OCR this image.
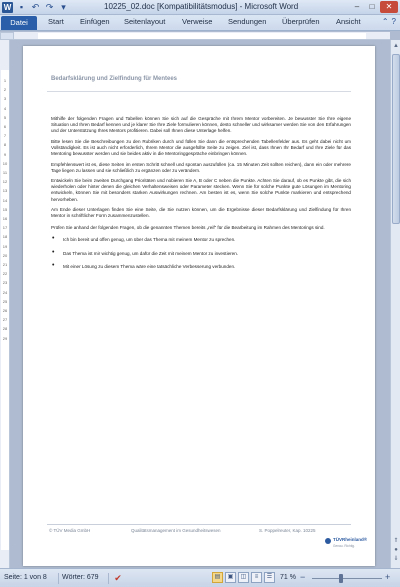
W ▪ ↶ ↷ ▾	10225_02.doc [Kompatibilitätsmodus] - Microsoft Word	–	□	✕
Datei	Start Einfügen Seitenlayout Verweise Sendungen Überprüfen Ansicht	⌃ ?
1
2
3
4
5
6
7
8
9
10
11
12
13
14
15
16
17
18
19
20
21
22
23
24
25
26
27
28
29
Bedarfsklärung und Zielfindung für Mentees

Mithilfe der folgenden Fragen und Tabellen können Sie sich auf die Gespräche mit Ihrem Mentor vorbereiten. Je bewusster Sie Ihre eigene Situation und Ihren Bedarf kennen und je klarer Sie Ihre Ziele formulieren können, desto schneller und wirksamer werden Sie von den Erfahrungen und der Unterstützung Ihres Mentors profitieren. Dabei soll Ihnen diese Unterlage helfen.

Bitte lesen Sie die Beschreibungen zu den Rubriken durch und füllen Sie dann die entsprechenden Tabellenfelder aus. Es geht dabei nicht um Vollständigkeit. Es ist auch nicht erforderlich, Ihrem Mentor die ausgefüllte Seite zu zeigen. Ziel ist, dass Ihnen Ihr Bedarf und Ihre Ziele für das Mentoring bewusster werden und sie beides aktiv in die Mentoringgespräche einbringen können.

Empfehlenswert ist es, diese Seiten im ersten Schritt schnell und spontan auszufüllen (ca. 15 Minuten Zeit sollten reichen), dann ein oder mehrere Tage liegen zu lassen und sie schließlich zu ergänzen oder zu verändern.

Entwickeln Sie beim zweiten Durchgang Prioritäten und nobieren Sie A, B oder C neben die Punkte. Achten Sie darauf, ob es Punkte gibt, die sich wiederholen oder hinter denen die gleichen Verhaltensweisen oder Parameter stecken. Wenn Sie für solche Punkte gute Lösungen im Mentoring entwickeln, können Sie mit besonders starken Auswirkungen rechnen. Am besten ist es, wenn Sie solche Punkte markieren und entsprechend hervorheben.

Am Ende dieser Unterlagen finden Sie eine Seite, die Sie nutzen können, um die Ergebnisse dieser Bedarfsklärung und Zielfindung für Ihren Mentor in schriftlicher Form zusammenzustellen.

Prüfen Sie anhand der folgenden Fragen, ob die genannten Themen bereits „reif“ für die Bearbeitung im Rahmen des Mentorings sind.

• Ich bin bereit und offen genug, um über das Thema mit meinem Mentor zu sprechen.
• Das Thema ist mir wichtig genug, um dafür die Zeit mit meinem Mentor zu investieren.
• Mit einer Lösung zu diesem Thema wäre eine tatsächliche Verbesserung verbunden.
© TÜV Media GmbH	Qualitätsmanagement im Gesundheitswesen	S. Poppelreuter, Kap. 10225
TÜVRheinland®
Genau. Richtig.
▲
⇑
●
⇓
Seite: 1 von 8 Wörter: 679 ✔	▤	▣	◫	≡	☰	71 % −	+
